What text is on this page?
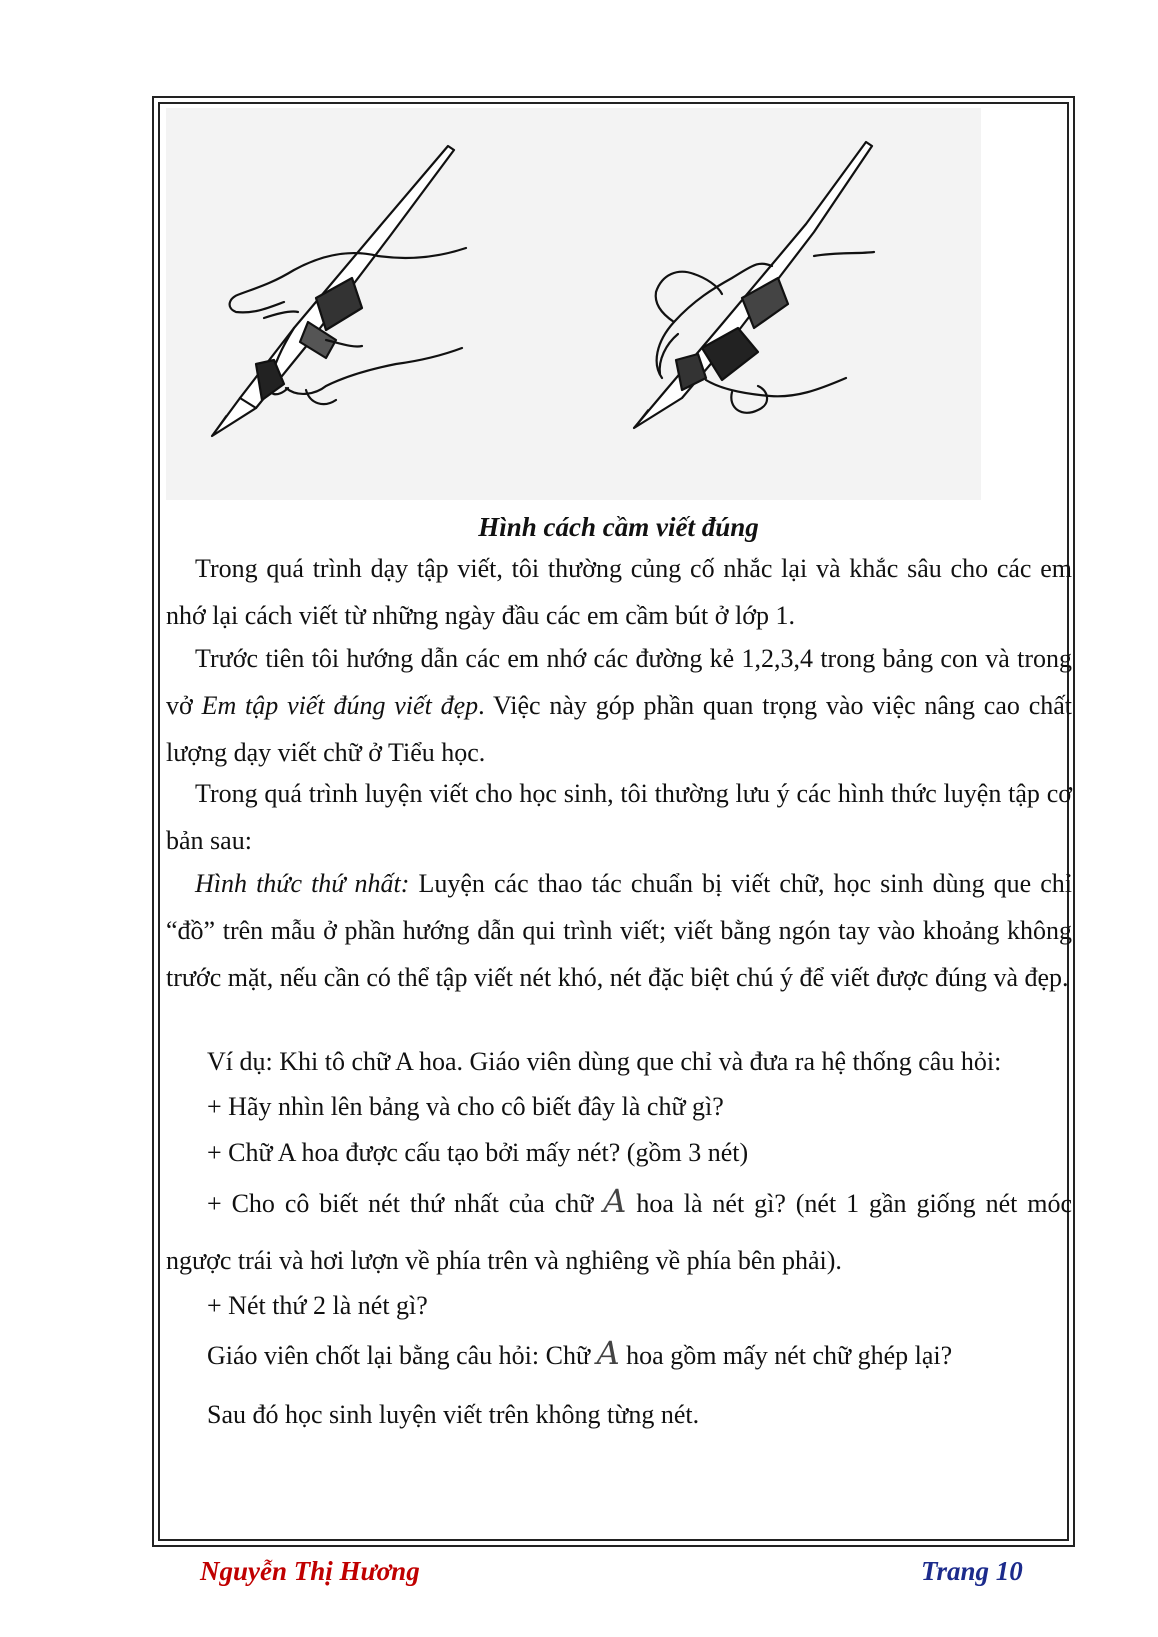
Hình cách cầm viết đúng
Trong quá trình dạy tập viết, tôi thường củng cố nhắc lại và khắc sâu cho các em nhớ lại cách viết từ những ngày đầu các em cầm bút ở lớp 1.
Trước tiên tôi hướng dẫn các em nhớ các đường kẻ 1,2,3,4 trong bảng con và trong vở Em tập viết đúng viết đẹp. Việc này góp phần quan trọng vào việc nâng cao chất lượng dạy viết chữ ở Tiểu học.
Trong quá trình luyện viết cho học sinh, tôi thường lưu ý các hình thức luyện tập cơ bản sau:
Hình thức thứ nhất: Luyện các thao tác chuẩn bị viết chữ, học sinh dùng que chỉ “đồ” trên mẫu ở phần hướng dẫn qui trình viết; viết bằng ngón tay vào khoảng không trước mặt, nếu cần có thể tập viết nét khó, nét đặc biệt chú ý để viết được đúng và đẹp.
Ví dụ: Khi tô chữ A hoa. Giáo viên dùng que chỉ và đưa ra hệ thống câu hỏi:
+ Hãy nhìn lên bảng và cho cô biết đây là chữ gì?
+ Chữ A hoa được cấu tạo bởi mấy nét? (gồm 3 nét)
+ Cho cô biết nét thứ nhất của chữ A hoa là nét gì? (nét 1 gần giống nét móc
ngược trái và hơi lượn về phía trên và nghiêng về phía bên phải).
+ Nét thứ 2 là nét gì?
Giáo viên chốt lại bằng câu hỏi: Chữ A hoa gồm mấy nét chữ ghép lại?
Sau đó học sinh luyện viết trên không từng nét.
Nguyễn Thị Hương	Trang 10
